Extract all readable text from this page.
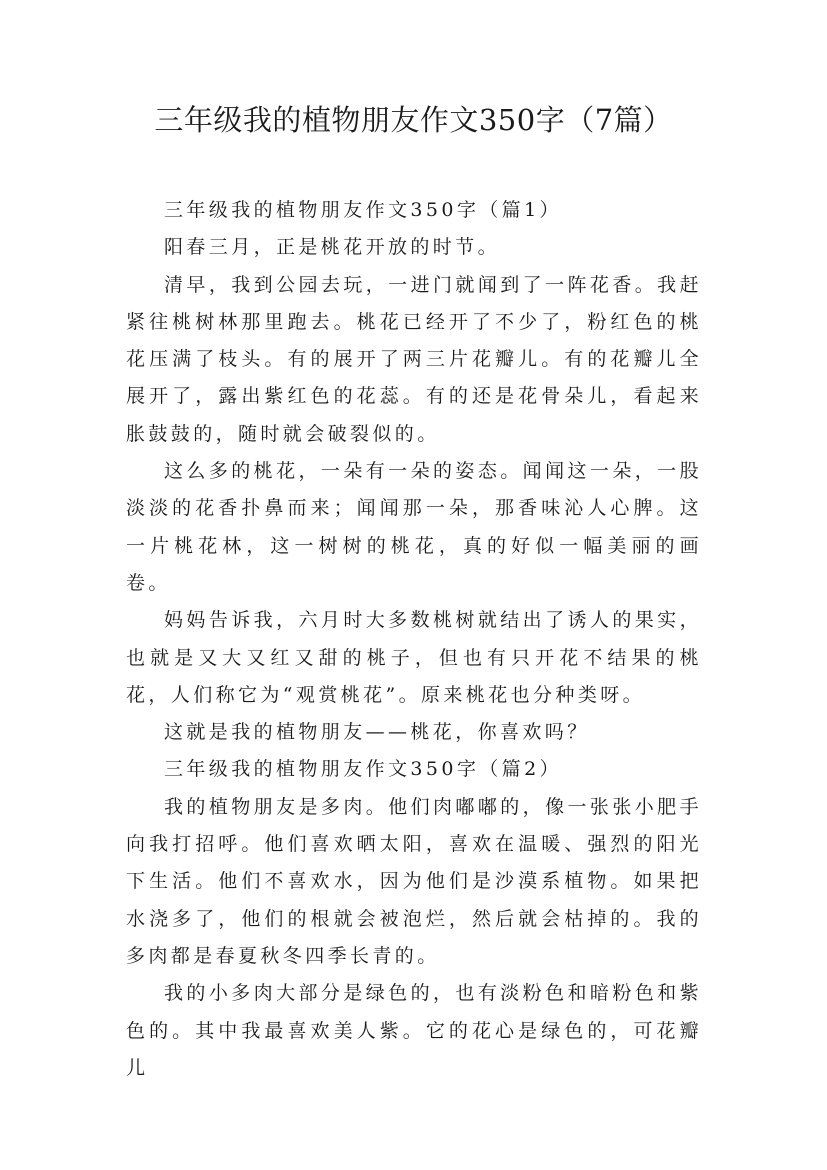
三年级我的植物朋友作文350字（7篇）

三年级我的植物朋友作文350字（篇1）

阳春三月，正是桃花开放的时节。

清早，我到公园去玩，一进门就闻到了一阵花香。我赶紧往桃树林那里跑去。桃花已经开了不少了，粉红色的桃花压满了枝头。有的展开了两三片花瓣儿。有的花瓣儿全展开了，露出紫红色的花蕊。有的还是花骨朵儿，看起来胀鼓鼓的，随时就会破裂似的。

这么多的桃花，一朵有一朵的姿态。闻闻这一朵，一股淡淡的花香扑鼻而来；闻闻那一朵，那香味沁人心脾。这一片桃花林，这一树树的桃花，真的好似一幅美丽的画卷。

妈妈告诉我，六月时大多数桃树就结出了诱人的果实，也就是又大又红又甜的桃子，但也有只开花不结果的桃花，人们称它为“观赏桃花”。原来桃花也分种类呀。

这就是我的植物朋友——桃花，你喜欢吗？

三年级我的植物朋友作文350字（篇2）

我的植物朋友是多肉。他们肉嘟嘟的，像一张张小肥手向我打招呼。他们喜欢晒太阳，喜欢在温暖、强烈的阳光下生活。他们不喜欢水，因为他们是沙漠系植物。如果把水浇多了，他们的根就会被泡烂，然后就会枯掉的。我的多肉都是春夏秋冬四季长青的。

我的小多肉大部分是绿色的，也有淡粉色和暗粉色和紫色的。其中我最喜欢美人紫。它的花心是绿色的，可花瓣儿
